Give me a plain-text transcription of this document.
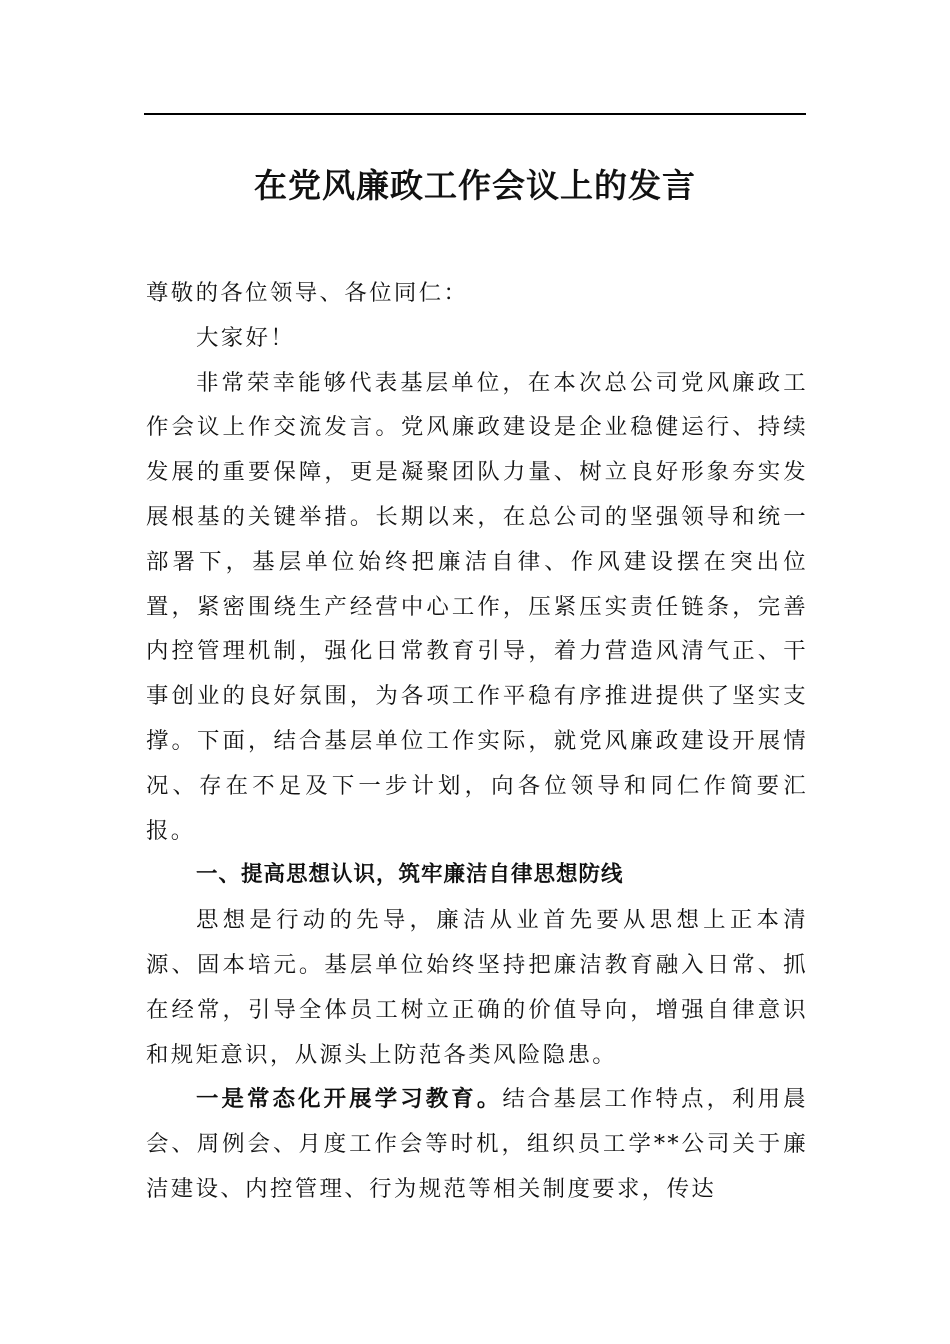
在党风廉政工作会议上的发言

尊敬的各位领导、各位同仁：

大家好！

非常荣幸能够代表基层单位，在本次总公司党风廉政工作会议上作交流发言。党风廉政建设是企业稳健运行、持续发展的重要保障，更是凝聚团队力量、树立良好形象夯实发展根基的关键举措。长期以来，在总公司的坚强领导和统一部署下，基层单位始终把廉洁自律、作风建设摆在突出位置，紧密围绕生产经营中心工作，压紧压实责任链条，完善内控管理机制，强化日常教育引导，着力营造风清气正、干事创业的良好氛围，为各项工作平稳有序推进提供了坚实支撑。下面，结合基层单位工作实际，就党风廉政建设开展情况、存在不足及下一步计划，向各位领导和同仁作简要汇报。

一、提高思想认识，筑牢廉洁自律思想防线

思想是行动的先导，廉洁从业首先要从思想上正本清源、固本培元。基层单位始终坚持把廉洁教育融入日常、抓在经常，引导全体员工树立正确的价值导向，增强自律意识和规矩意识，从源头上防范各类风险隐患。

一是常态化开展学习教育。结合基层工作特点，利用晨会、周例会、月度工作会等时机，组织员工学**公司关于廉洁建设、内控管理、行为规范等相关制度要求，传达
